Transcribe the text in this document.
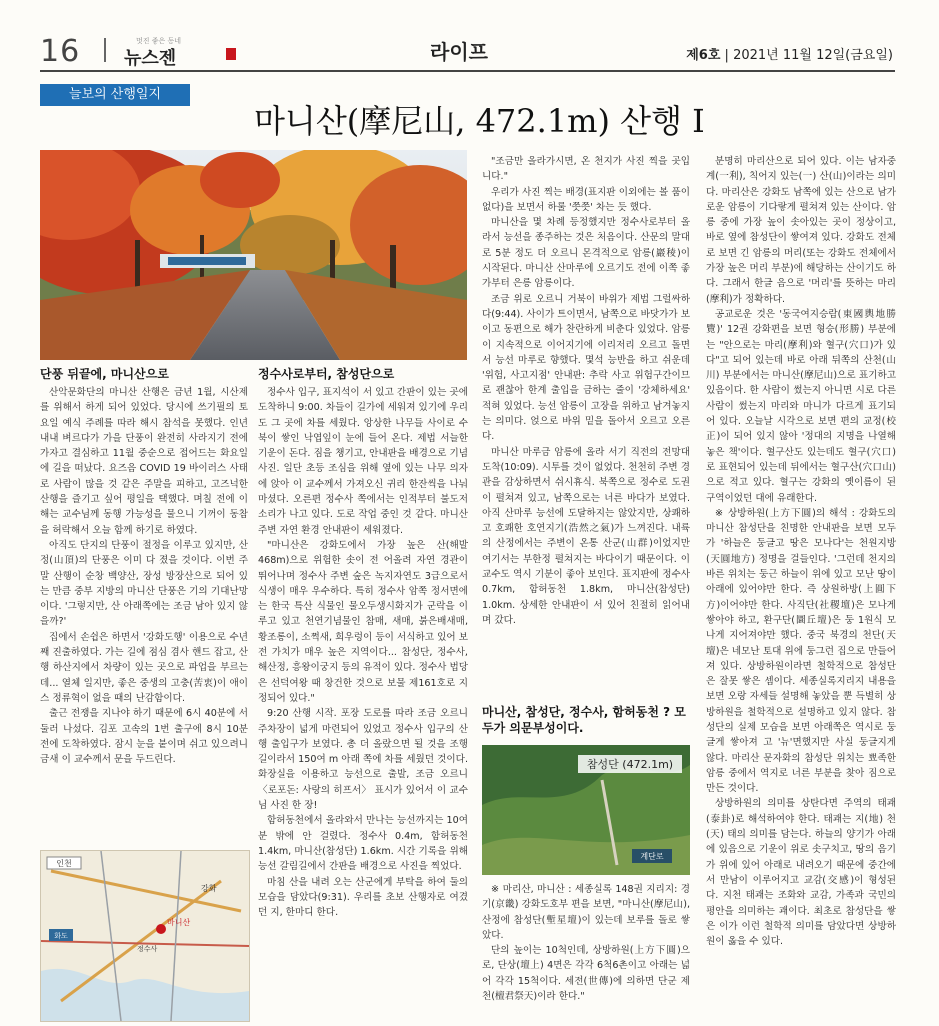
16	멋진 좋은 동네
뉴스젠	라이프	제6호 | 2021년 11월 12일(금요일)
늘보의 산행일지
마니산(摩尼山, 472.1m) 산행 Ⅰ
단풍 뒤끝에, 마니산으로

산악문화단의 마니산 산행은 금년 1월, 시산제를 위해서 하게 되어 있었다. 당시에 쓰기필의 토요일 예식 주례를 따라 해시 참석을 못했다. 인년 내내 벼르다가 가을 단풍이 완전히 사라지기 전에 가자고 결심하고 11월 중순으로 접어드는 화요일에 길을 떠났다. 요즈음 COVID 19 바이러스 사태로 사람이 많을 것 같은 주말을 피하고, 고즈넉한 산행을 즐기고 싶어 평일을 택했다. 며칠 전에 이해는 교수님께 동행 가능성을 물으니 기꺼이 동참을 허락해서 오늘 함께 하기로 하였다.

아직도 단지의 단풍이 절정을 이루고 있지만, 산정(山頂)의 단풍은 이미 다 졌을 것이다. 이번 주말 산행이 순창 백양산, 장성 방장산으로 되어 있는 만큼 중부 지방의 마니산 단풍은 기의 기대난망이다. '그렇지만, 산 아래쪽에는 조금 남아 있지 않을까?'

집에서 손쉽은 하면서 '강화도행' 이용으로 수년째 진출하였다. 가는 길에 점심 겸사 핸드 잡고, 산행 하산지에서 차량이 있는 곳으로 파업을 부르는데... 열체 일지만, 좋은 중생의 고충(苦衷)이 애이스 정류혁이 없을 때의 난감함이다.

출근 전쟁을 지나야 하기 때문에 6시 40분에 서둘러 나섰다. 김포 고속의 1번 출구에 8시 10분 전에 도착하였다. 잠시 눈을 붙이며 쉬고 있으려니 금새 이 교수께서 문을 두드린다.

인천
강화
마니산
정수사
화도
정수사로부터, 참성단으로

정수사 입구, 표지석이 서 있고 간판이 있는 곳에 도착하니 9:00. 차들이 길가에 세워져 있기에 우리도 그 곳에 차를 세웠다. 앙상한 나무들 사이로 수북이 쌓인 낙엽잎이 눈에 들어 온다. 제법 서늘한 기운이 돈다. 짐을 챙기고, 안내판을 배경으로 기념 사진. 일단 초등 조심을 위해 옆에 있는 나무 의자에 앉아 이 교수께서 가져오신 귀리 한잔씩을 나눠 마셨다. 오른편 정수사 쪽에서는 인적부터 불도저 소리가 나고 있다. 도로 작업 중인 것 같다. 마니산 주변 자연 환경 안내판이 세워졌다.

"마니산은 강화도에서 가장 높은 산(해발 468m)으로 위험한 솟이 전 어올려 자연 경관이 뛰어나며 정수사 주변 숲은 녹지자연도 3급으로서 식생이 매우 우수하다. 특히 정수사 암쪽 정서면에는 한국 특산 식물인 물오두생시화지가 군락을 이루고 있고 천연기념물인 참매, 새매, 붉은배새매, 황조롱이, 소쩍새, 희우렁이 등이 서식하고 있어 보전 가치가 매우 높은 지역이다... 참성단, 정수사, 해산정, 흥왕이궁지 등의 유적이 있다. 정수사 법당은 선덕여왕 때 창건한 것으로 보물 제161호로 지정되어 있다."

9:20 산행 시작. 포장 도로를 따라 조금 오르니 주차장이 넓게 마련되어 있었고 정수사 입구의 산행 출입구가 보였다. 총 더 올랐으면 될 것을 조행길이라서 150여 m 아래 쪽에 차를 세웠던 것이다. 화장실을 이용하고 능선으로 출발, 조금 오르니 〈로포돈: 사랑의 히프서〉 표시가 있어서 이 교수님 사진 한 장!

함허동천에서 올라와서 만나는 능선까지는 10여분 밖에 안 걸렸다. 정수사 0.4m, 함허동천 1.4km, 마니산(참성단) 1.6km. 시간 기록을 위해 능선 갈림길에서 간판을 배경으로 사진을 찍었다.

마침 산을 내려 오는 산군에게 부탁을 하여 둘의 모습을 담았다(9:31). 우리를 초보 산행자로 여겼던 지, 한마디 한다.

"조금만 올라가시면, 온 천지가 사진 찍을 곳입니다."

우리가 사진 찍는 배경(표지판 이외에는 볼 품이 없다)을 보면서 하룰 '쯧쯧' 차는 듯 했다.

마니산을 몇 차례 등정했지만 정수사로부터 올라서 능선을 종주하는 것은 처음이다. 산문의 말대로 5분 정도 더 오르니 몬격적으로 암릉(巖稜)이 시작된다. 마니산 산마루에 오르기도 전에 이쪽 좋가부터 은릉 암릉이다.

조금 위로 오르니 거북이 바위가 제법 그럴싸하다(9:44). 사이가 트이면서, 남쪽으로 바닷가가 보이고 동편으로 해가 찬란하게 비춘다 있었다. 암릉이 지속적으로 이어지기에 이리저리 오르고 돌면서 능선 마루로 향했다. 몇석 능반을 하고 쉬운데 '위험, 사고지점' 안내판: 추락 사고 위험구간이므로 괜찮아 한계 출입을 금하는 줄이 '강체하세요' 적혀 있었다. 능선 암릉이 고장을 위하고 남겨놓지는 의미다. 얹으로 바위 밑을 돌아서 오르고 오른다.

마니산 마루금 암릉에 올라 서기 직전의 전망대 도착(10:09). 시투를 것이 없었다. 천천히 주변 경관을 감상하면서 쉬시휴식. 북쪽으로 정수로 도권이 펼쳐져 있고, 남쪽으로는 너른 바다가 보였다. 아직 산마루 능선에 도달하지는 않았지만, 상쾌하고 호쾌한 호연지기(浩然之氣)가 느껴진다. 내륙의 산정에서는 주변이 온통 산군(山群)이었지만 여기서는 부한정 펼쳐지는 바다이기 때문이다. 이 교수도 역시 기분이 좋아 보인다. 표지판에 정수사 0.7km, 함허동천 1.8km, 마니산(참성단) 1.0km. 상세한 안내판이 서 있어 친절히 읽어내며 갔다.

마니산, 참성단, 정수사, 함허동천 ? 모두가 의문부성이다.
참성단 (472.1m)
계단로

※ 마리산, 마니산 : 세종실록 148권 지리지: 경기(京畿) 강화도호부 편을 보면, "마니산(摩尼山), 산정에 참성단(塹星壇)이 있는데 보루를 돌로 쌓았다.

단의 높이는 10척인데, 상방하원(上方下圓)으로, 단상(壇上) 4면은 각각 6척6촌이고 아래는 넓어 각각 15척이다. 세전(世傳)에 의하면 단군 제천(檀君祭天)이라 한다."

분명히 마리산으로 되어 있다. 이는 남자중계(一利), 칙어지 있는(一) 산(山)이라는 의미다. 마리산은 강화도 남쪽에 있는 산으로 남가로운 암릉이 기다랗게 펼쳐져 있는 산이다. 암릉 중에 가장 높이 솟아있는 곳이 정상이고, 바로 옆에 참성단이 쌓여져 있다. 강화도 전체로 보면 긴 암릉의 머리(또는 강화도 전체에서 가장 높은 머리 부분)에 해당하는 산이기도 하다. 그래서 한글 음으로 '머리'를 뜻하는 마리(摩利)가 정확하다.

공교로운 것은 '동국여지승람(東國輿地勝覽)' 12권 강화편을 보면 형승(形勝) 부분에는 "안으로는 마리(摩利)와 혈구(穴口)가 있다"고 되어 있는데 바로 아래 뒤쪽의 산천(山川) 부분에서는 마니산(摩尼山)으로 표기하고 있음이다. 한 사람이 썼는지 아니면 시로 다른 사람이 썼는지 마리와 마니가 다르게 표기되어 있다. 오늘날 시각으로 보면 편의 교정(校正)이 되어 있지 않아 '정대의 지명을 나열해 놓은 책'이다. 혈구산도 있는데도 혈구(穴口)로 표현되어 있는데 뒤에서는 혈구산(穴口山)으로 적고 있다. 혈구는 강화의 옛이름이 된 구역이었던 대에 유래한다.

※ 상방하원(上方下圓)의 해석 : 강화도의 마니산 참성단을 친명한 안내판을 보면 모두가 '하늘은 둥글고 땅은 모나다'는 천원지방(天圓地方) 정명을 걸들인다. '그런데 천지의 바른 위치는 둥근 하늘이 위에 있고 모난 땅이 아래에 있어야만 한다. 즉 상원하방(上圓下方)이어야만 한다. 사직단(社稷壇)은 모나게 쌓아야 하고, 환구단(圜丘壇)은 둥 1원식 모나게 지어져야만 했다. 중국 북경의 천단(天壇)은 네모난 토대 위에 둥그런 집으로 만들어져 있다. 상방하원이라면 철학적으로 참성단은 잘못 쌓은 셈이다. 세종실록지리지 내용을 보면 오랑 자세들 설명해 놓았을 뿐 득별히 상방하원을 철학적으로 설명하고 있지 않다. 참성단의 실제 모습을 보면 아래쪽은 역시로 둥글게 쌓아져 고 '뉴'면했지만 사실 둥글지게 않다. 마리산 문자화의 참성단 위치는 뾰족한 암릉 중에서 역지로 너른 부분을 찾아 짐으로 만든 것이다.

상방하원의 의미를 상탄다면 주역의 태괘(泰卦)로 해석하여야 한다. 태괘는 지(地) 천(天) 태의 의미를 담는다. 하늘의 양기가 아래에 있음으로 기운이 위로 솟구치고, 땅의 음기가 위에 있어 아래로 내려오기 때문에 중간에서 만남이 이루어지고 교감(交感)이 형성된다. 지천 태괘는 조화와 교감, 가족과 국민의 평안을 의미하는 괘이다. 최초로 참성단을 쌓은 이가 이런 철학적 의미를 담았다면 상방하원이 옳을 수 있다.
